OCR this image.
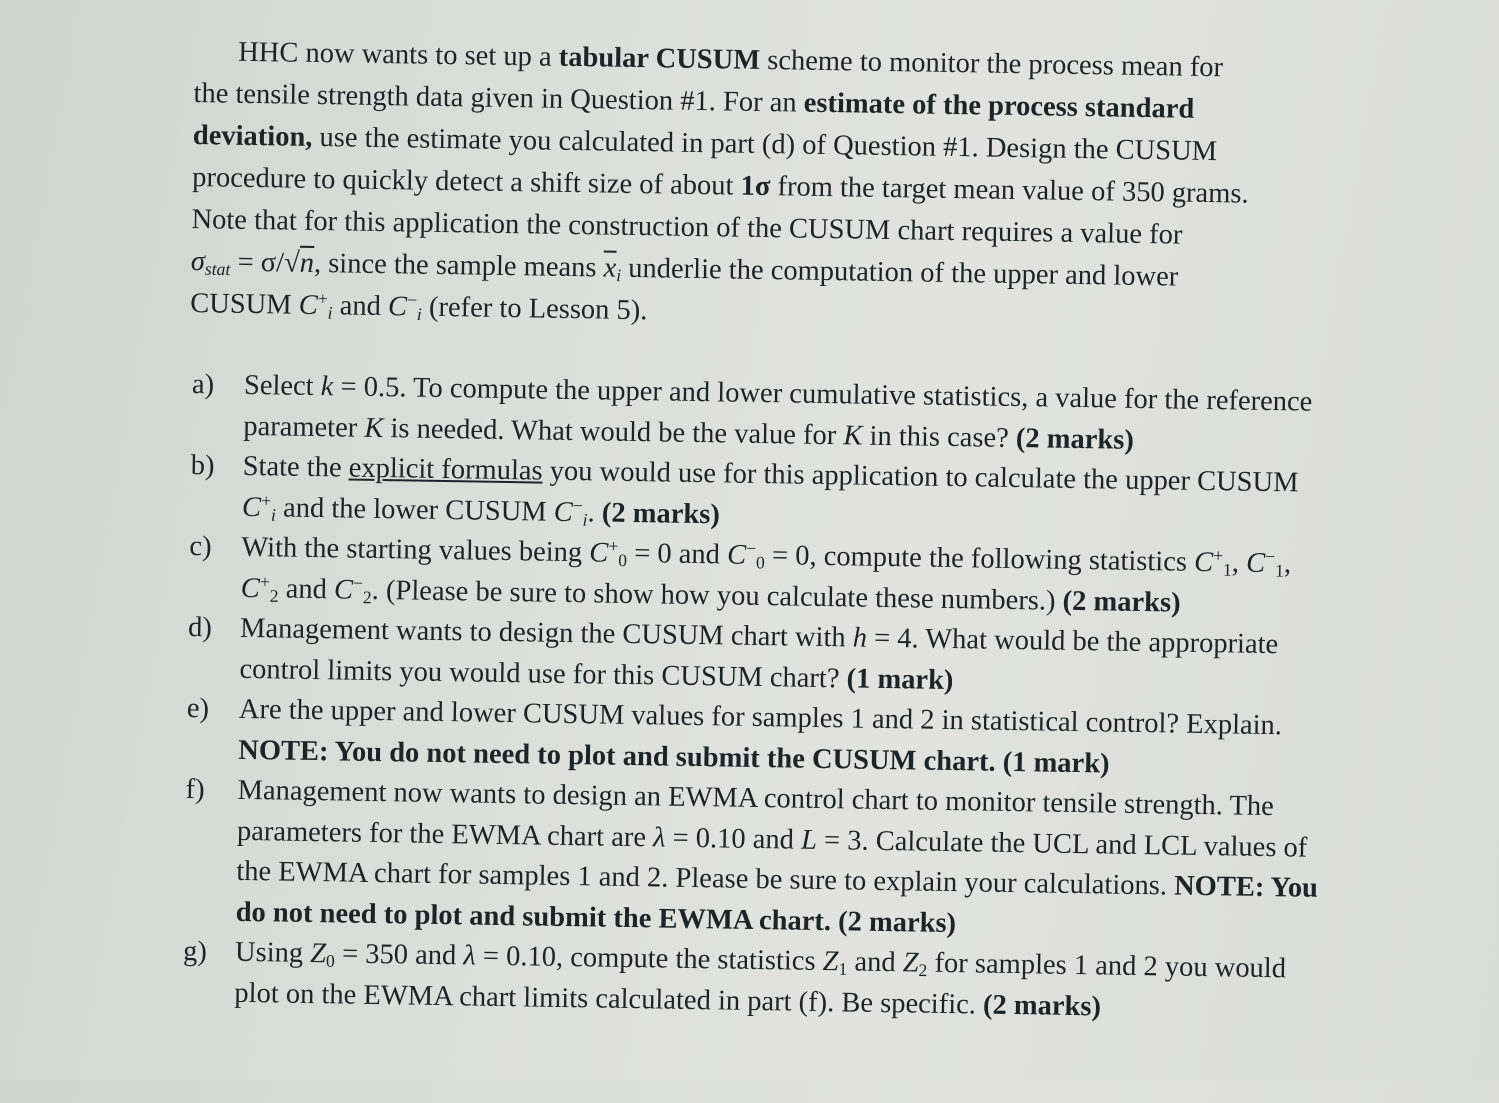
HHC now wants to set up a tabular CUSUM scheme to monitor the process mean for
the tensile strength data given in Question #1. For an estimate of the process standard
deviation, use the estimate you calculated in part (d) of Question #1. Design the CUSUM
procedure to quickly detect a shift size of about 1σ from the target mean value of 350 grams.
Note that for this application the construction of the CUSUM chart requires a value for
$\sigma_{stat} = \sigma/√n$, since the sample means $\overline{x}_i$ underlie the computation of the upper and lower
CUSUM $C^+_i$ and $C^-_i$ (refer to Lesson 5).
a) Select k = 0.5. To compute the upper and lower cumulative statistics, a value for the reference parameter K is needed. What would be the value for K in this case? (2 marks)
b) State the explicit formulas you would use for this application to calculate the upper CUSUM $C^+_i$ and the lower CUSUM $C^-_i$. (2 marks)
c) With the starting values being $C^+_0 = 0$ and $C^-_0 = 0$, compute the following statistics $C^+_1$, $C^-_1$, $C^+_2$ and $C^-_2$. (Please be sure to show how you calculate these numbers.) (2 marks)
d) Management wants to design the CUSUM chart with h = 4. What would be the appropriate control limits you would use for this CUSUM chart? (1 mark)
e) Are the upper and lower CUSUM values for samples 1 and 2 in statistical control? Explain. NOTE: You do not need to plot and submit the CUSUM chart. (1 mark)
f) Management now wants to design an EWMA control chart to monitor tensile strength. The parameters for the EWMA chart are λ = 0.10 and L = 3. Calculate the UCL and LCL values of the EWMA chart for samples 1 and 2. Please be sure to explain your calculations. NOTE: You do not need to plot and submit the EWMA chart. (2 marks)
g) Using $Z_0 = 350$ and λ = 0.10, compute the statistics $Z_1$ and $Z_2$ for samples 1 and 2 you would plot on the EWMA chart limits calculated in part (f). Be specific. (2 marks)
